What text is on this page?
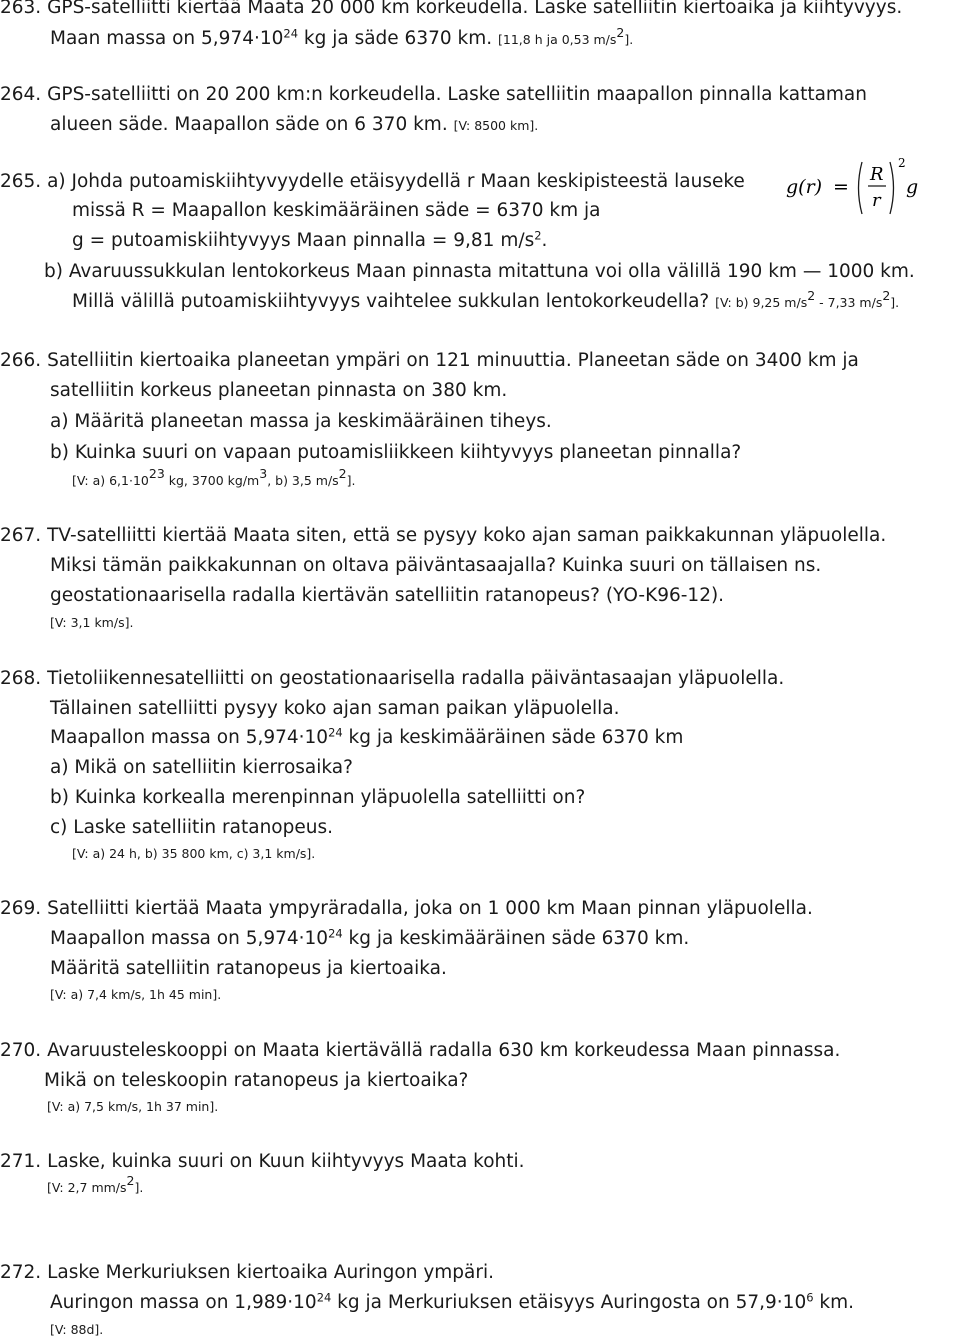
263. GPS-satelliitti kiertää Maata 20 000 km korkeudella. Laske satelliitin kiertoaika ja kiihtyvyys.
Maan massa on $5,974\cdot 10^{24}$ kg ja säde 6370 km. [11,8 h ja 0,53 $m/s^2$].
264. GPS-satelliitti on 20 200 km:n korkeudella. Laske satelliitin maapallon pinnalla kattaman
alueen säde. Maapallon säde on 6 370 km. [V: 8500 km].
265. a) Johda putoamiskiihtyvyydelle etäisyydellä r Maan keskipisteestä lauseke
missä R = Maapallon keskimääräinen säde = 6370 km ja
g = putoamiskiihtyvyys Maan pinnalla = 9,81 $m/s^2$.
b) Avaruussukkulan lentokorkeus Maan pinnasta mitattuna voi olla välillä 190 km — 1000 km.
Millä välillä putoamiskiihtyvyys vaihtelee sukkulan lentokorkeudella? [V: b) 9,25 $m/s^2 - 7,33$ $m/s^2$].
266. Satelliitin kiertoaika planeetan ympäri on 121 minuuttia. Planeetan säde on 3400 km ja
satelliitin korkeus planeetan pinnasta on 380 km.
a) Määritä planeetan massa ja keskimääräinen tiheys.
b) Kuinka suuri on vapaan putoamisliikkeen kiihtyvyys planeetan pinnalla?
[V: a) $6,1\cdot 10^{23}$ kg, 3700 $kg/m^3$, b) 3,5 $m/s^2$].
267. TV-satelliitti kiertää Maata siten, että se pysyy koko ajan saman paikkakunnan yläpuolella.
Miksi tämän paikkakunnan on oltava päiväntasaajalla? Kuinka suuri on tällaisen ns.
geostationaarisella radalla kiertävän satelliitin ratanopeus? (YO-K96-12).
[V: 3,1 km/s].
268. Tietoliikennesatelliitti on geostationaarisella radalla päiväntasaajan yläpuolella.
Tällainen satelliitti pysyy koko ajan saman paikan yläpuolella.
Maapallon massa on $5,974\cdot 10^{24}$ kg ja keskimääräinen säde 6370 km
a) Mikä on satelliitin kierrosaika?
b) Kuinka korkealla merenpinnan yläpuolella satelliitti on?
c) Laske satelliitin ratanopeus.
[V: a) 24 h, b) 35 800 km, c) 3,1 km/s].
269. Satelliitti kiertää Maata ympyräradalla, joka on 1 000 km Maan pinnan yläpuolella.
Maapallon massa on $5,974\cdot 10^{24}$ kg ja keskimääräinen säde 6370 km.
Määritä satelliitin ratanopeus ja kiertoaika.
[V: a) 7,4 km/s, 1h 45 min].
270. Avaruusteleskooppi on Maata kiertävällä radalla 630 km korkeudessa Maan pinnassa.
Mikä on teleskoopin ratanopeus ja kiertoaika?
[V: a) 7,5 km/s, 1h 37 min].
271. Laske, kuinka suuri on Kuun kiihtyvyys Maata kohti.
[V: 2,7 $mm/s^2$].
272. Laske Merkuriuksen kiertoaika Auringon ympäri.
Auringon massa on $1,989\cdot 10^{24}$ kg ja Merkuriuksen etäisyys Auringosta on $57,9\cdot 10^6$ km.
[V: 88d].
g(r) =
R
r
2
g
